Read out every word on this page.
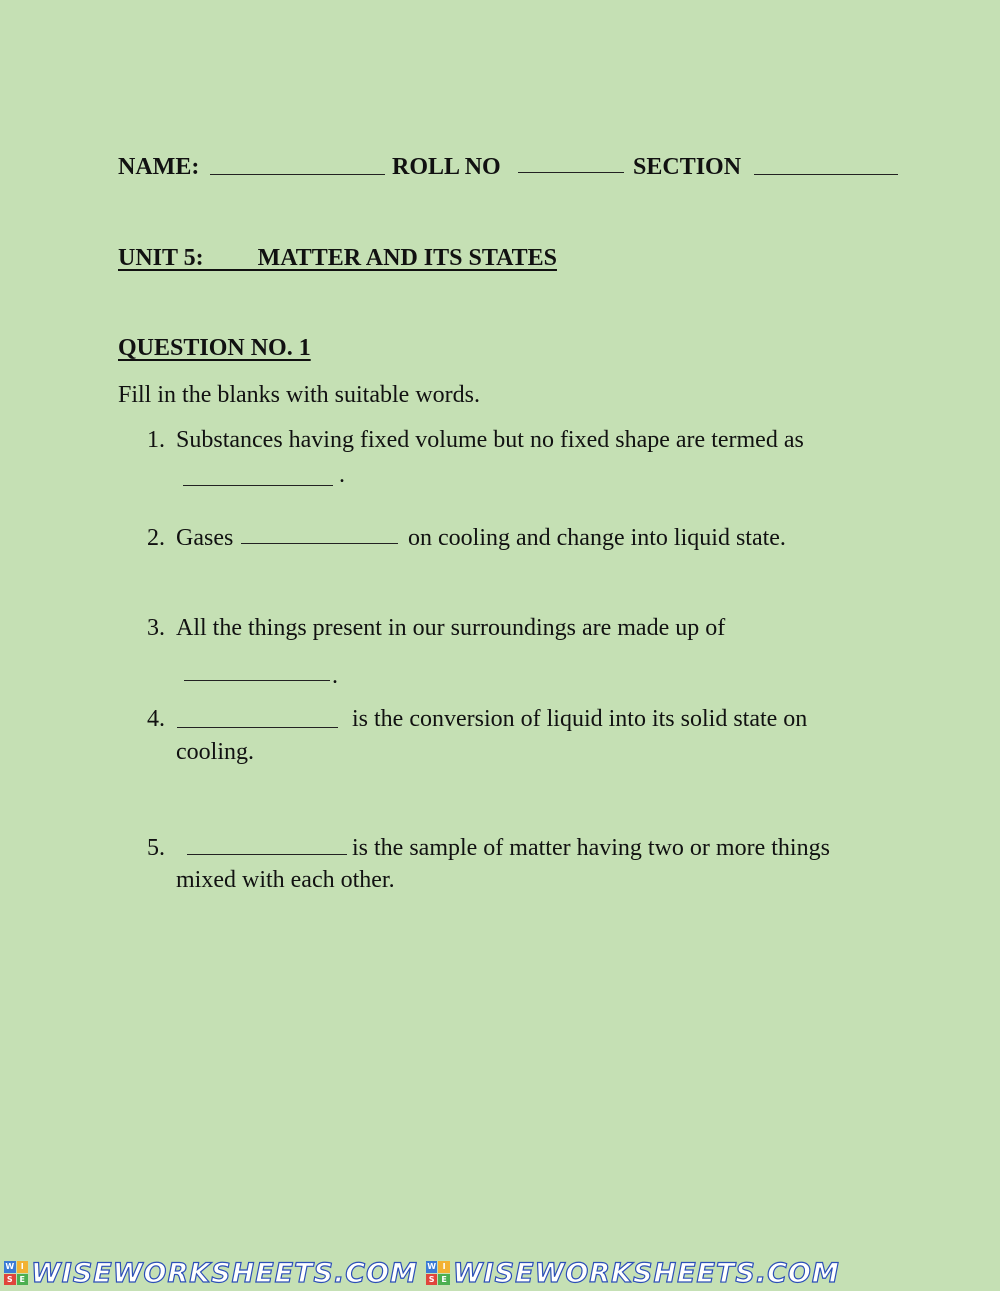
NAME:	ROLL NO	SECTION
UNIT 5:         MATTER AND ITS STATES
QUESTION NO. 1
Fill in the blanks with suitable words.
1. Substances having fixed volume but no fixed shape are termed as
.
2. Gases	on cooling and change into liquid state.
3. All the things present in our surroundings are made up of
.
4.	is the conversion of liquid into its solid state on
cooling.
5.	is the sample of matter having two or more things
mixed with each other.
W I
S E WISEWORKSHEETS.COM W I
S E WISEWORKSHEETS.COM
